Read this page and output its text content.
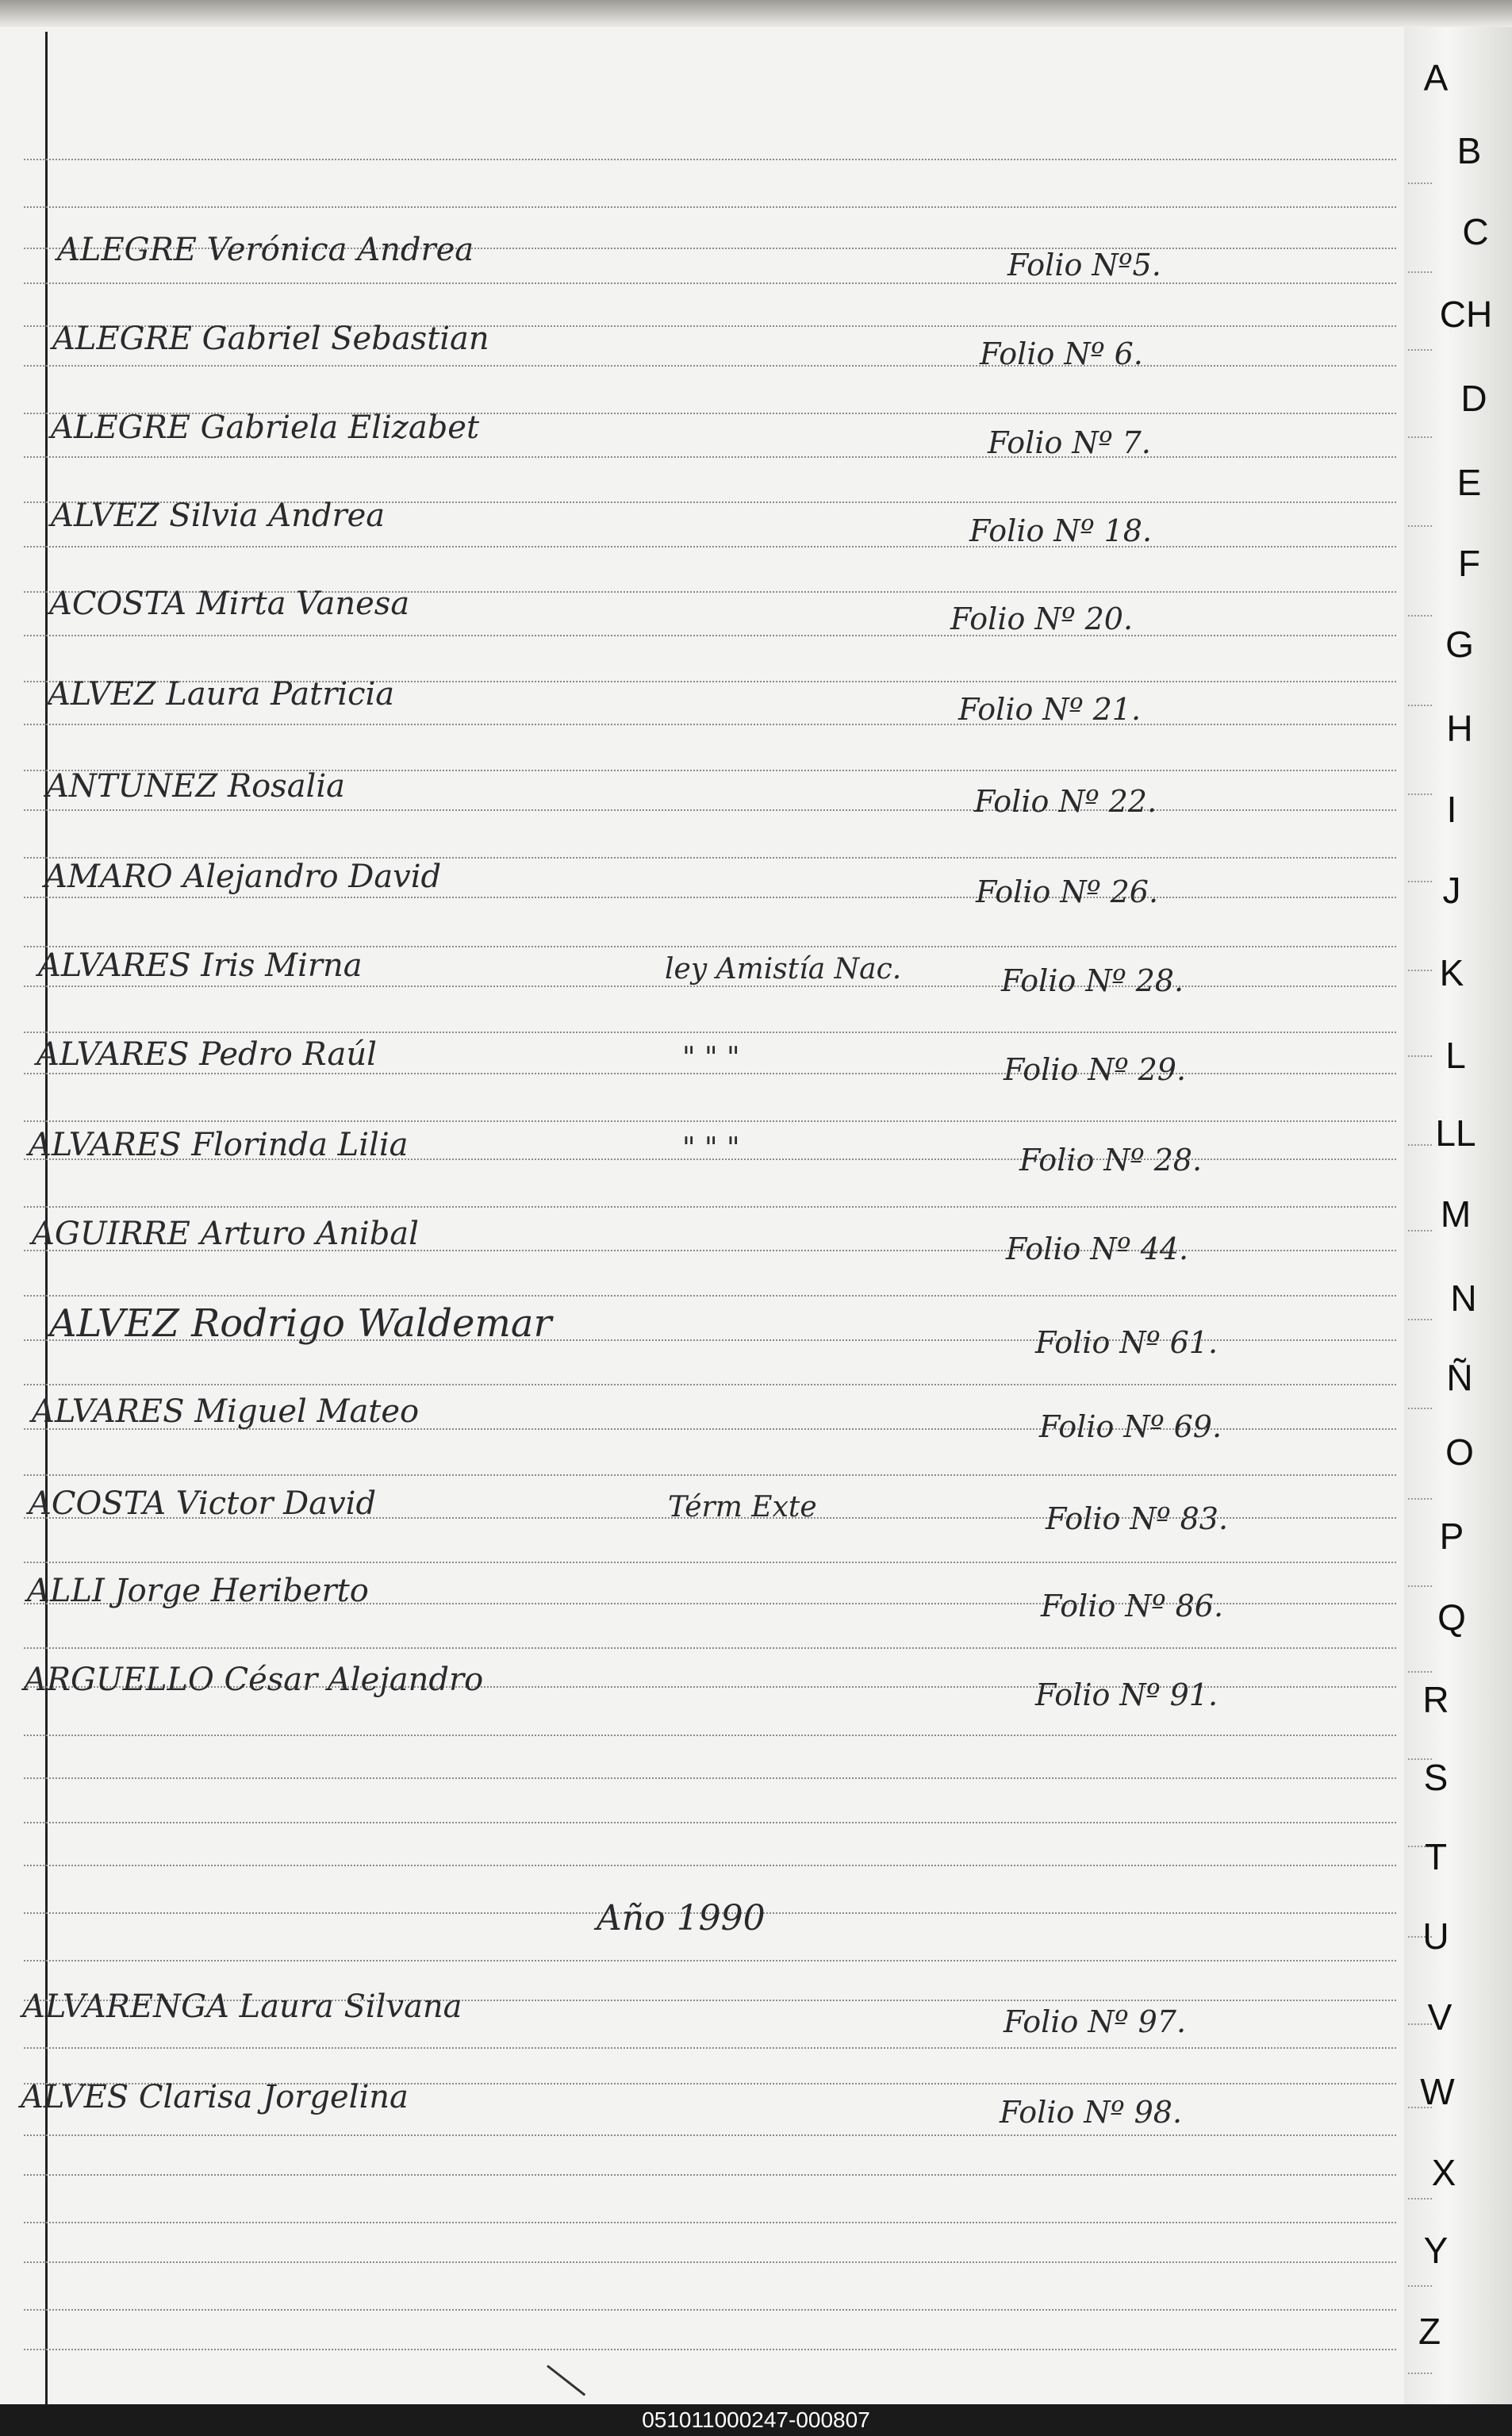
ALEGRE Verónica Andrea	Folio Nº5.
ALEGRE Gabriel Sebastian	Folio Nº 6.
ALEGRE Gabriela Elizabet	Folio Nº 7.
ALVEZ Silvia Andrea	Folio Nº 18.
ACOSTA Mirta Vanesa	Folio Nº 20.
ALVEZ Laura Patricia	Folio Nº 21.
ANTUNEZ Rosalia	Folio Nº 22.
AMARO Alejandro David	Folio Nº 26.
ALVARES Iris Mirna	ley Amistía Nac.	Folio Nº 28.
ALVARES Pedro Raúl	" " "	Folio Nº 29.
ALVARES Florinda Lilia	" " "	Folio Nº 28.
AGUIRRE Arturo Anibal	Folio Nº 44.
ALVEZ Rodrigo Waldemar	Folio Nº 61.
ALVARES Miguel Mateo	Folio Nº 69.
ACOSTA Victor David	Térm Exte	Folio Nº 83.
ALLI Jorge Heriberto	Folio Nº 86.
ARGUELLO César Alejandro	Folio Nº 91.
Año 1990
ALVARENGA Laura Silvana	Folio Nº 97.
ALVES Clarisa Jorgelina	Folio Nº 98.
A
B
C
CH
D
E
F
G
H
I
J
K
L
LL
M
N
Ñ
O
P
Q
R
S
T
U
V
W
X
Y
Z
051011000247-000807
